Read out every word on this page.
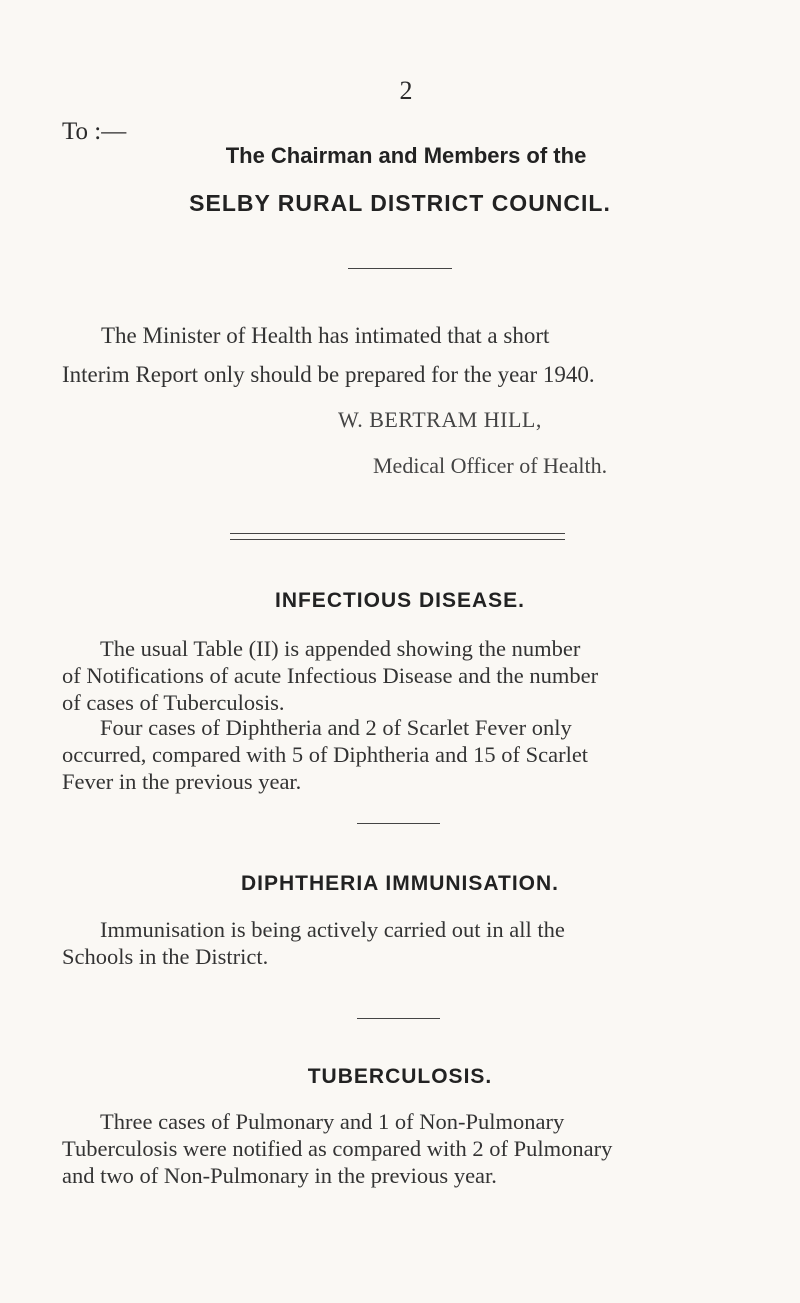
2
To :—
The Chairman and Members of the
SELBY RURAL DISTRICT COUNCIL.
The Minister of Health has intimated that a short
Interim Report only should be prepared for the year 1940.
W. BERTRAM HILL,
Medical Officer of Health.
INFECTIOUS DISEASE.

The usual Table (II) is appended showing the number

of Notifications of acute Infectious Disease and the number

of cases of Tuberculosis.

Four cases of Diphtheria and 2 of Scarlet Fever only

occurred, compared with 5 of Diphtheria and 15 of Scarlet

Fever in the previous year.

DIPHTHERIA IMMUNISATION.

Immunisation is being actively carried out in all the

Schools in the District.

TUBERCULOSIS.

Three cases of Pulmonary and 1 of Non-Pulmonary

Tuberculosis were notified as compared with 2 of Pulmonary

and two of Non-Pulmonary in the previous year.
